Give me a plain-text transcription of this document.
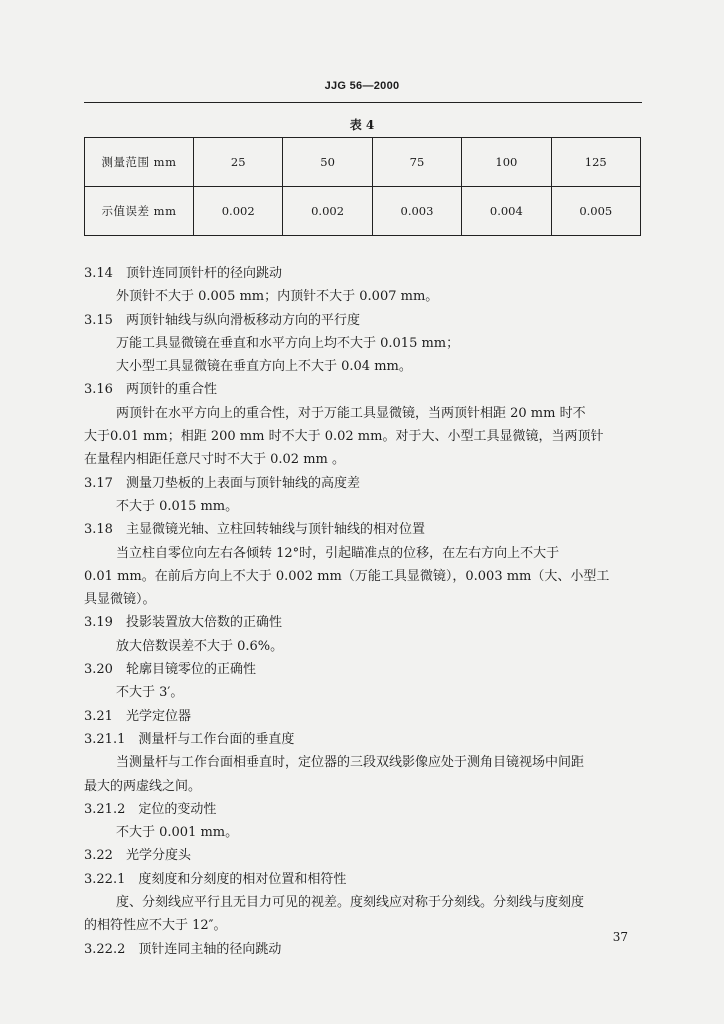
JJG 56—2000
表 4
测量范围 mm	25	50	75	100	125
示值误差 mm	0.002	0.002	0.003	0.004	0.005
3.14　顶针连同顶针杆的径向跳动
外顶针不大于 0.005 mm；内顶针不大于 0.007 mm。
3.15　两顶针轴线与纵向滑板移动方向的平行度
万能工具显微镜在垂直和水平方向上均不大于 0.015 mm；
大小型工具显微镜在垂直方向上不大于 0.04 mm。
3.16　两顶针的重合性
两顶针在水平方向上的重合性，对于万能工具显微镜，当两顶针相距 20 mm 时不
大于0.01 mm；相距 200 mm 时不大于 0.02 mm。对于大、小型工具显微镜，当两顶针
在量程内相距任意尺寸时不大于 0.02 mm 。
3.17　测量刀垫板的上表面与顶针轴线的高度差
不大于 0.015 mm。
3.18　主显微镜光轴、立柱回转轴线与顶针轴线的相对位置
当立柱自零位向左右各倾转 12°时，引起瞄准点的位移，在左右方向上不大于
0.01 mm。在前后方向上不大于 0.002 mm（万能工具显微镜），0.003 mm（大、小型工
具显微镜）。
3.19　投影装置放大倍数的正确性
放大倍数误差不大于 0.6%。
3.20　轮廓目镜零位的正确性
不大于 3′。
3.21　光学定位器
3.21.1　测量杆与工作台面的垂直度
当测量杆与工作台面相垂直时，定位器的三段双线影像应处于测角目镜视场中间距
最大的两虚线之间。
3.21.2　定位的变动性
不大于 0.001 mm。
3.22　光学分度头
3.22.1　度刻度和分刻度的相对位置和相符性
度、分刻线应平行且无目力可见的视差。度刻线应对称于分刻线。分刻线与度刻度
的相符性应不大于 12″。
3.22.2　顶针连同主轴的径向跳动
37
